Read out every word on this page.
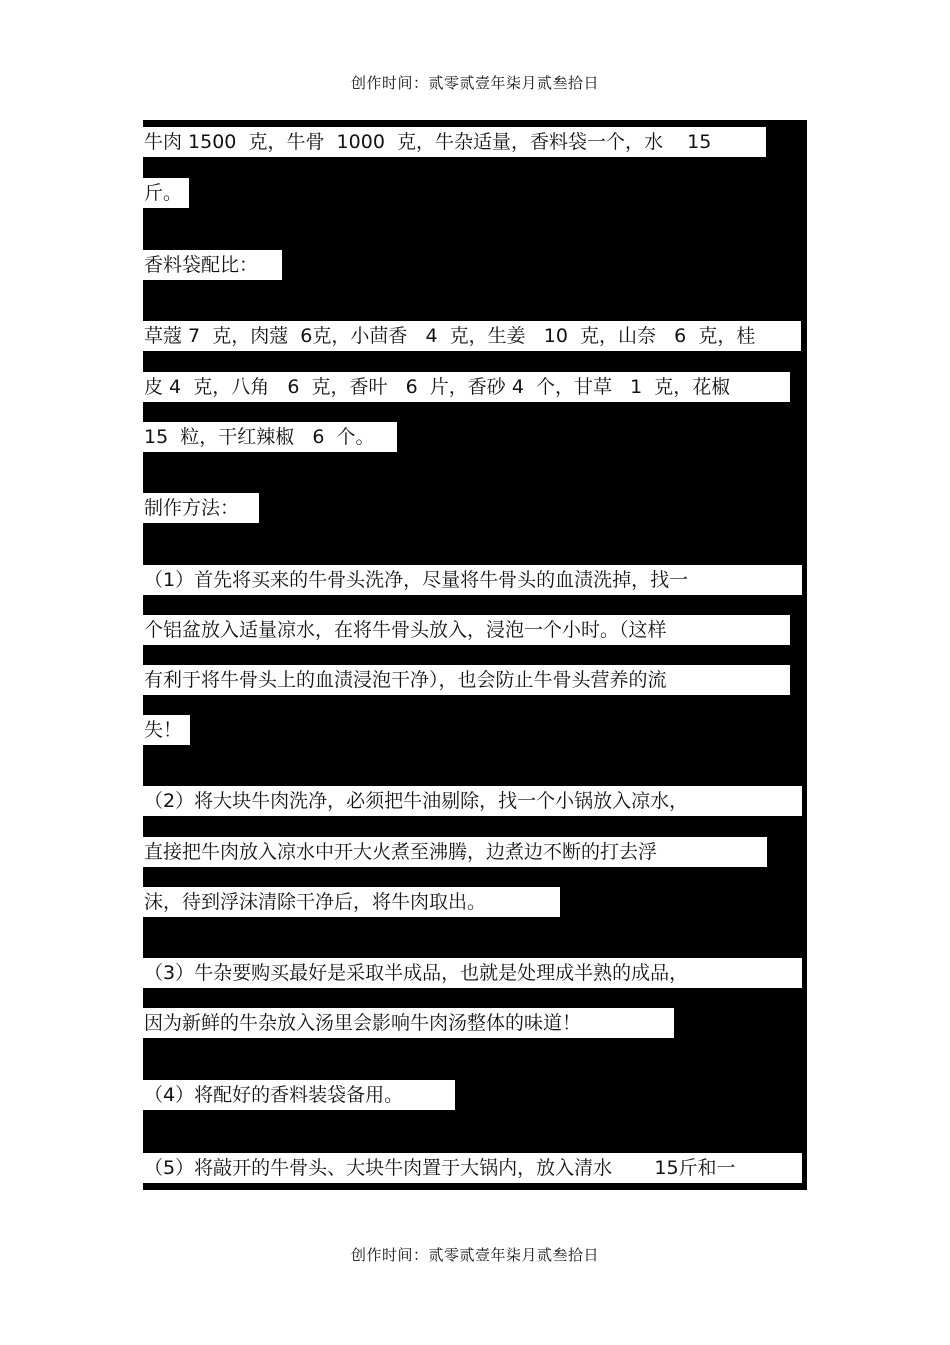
创作时间：贰零贰壹年柒月贰叁拾日
牛肉 1500  克，牛骨  1000  克，牛杂适量，香料袋一个，水    15
斤。
香料袋配比：
草蔻 7  克，肉蔻  6克，小茴香   4  克，生姜   10  克，山奈   6  克，桂
皮 4  克，八角   6  克，香叶   6  片，香砂 4  个，甘草   1  克，花椒
15  粒，干红辣椒   6  个。
制作方法：
（1）首先将买来的牛骨头洗净，尽量将牛骨头的血渍洗掉，找一
个铝盆放入适量凉水，在将牛骨头放入，浸泡一个小时。（这样
有利于将牛骨头上的血渍浸泡干净），也会防止牛骨头营养的流
失！
（2）将大块牛肉洗净，必须把牛油剔除，找一个小锅放入凉水，
直接把牛肉放入凉水中开大火煮至沸腾，边煮边不断的打去浮
沫，待到浮沫清除干净后，将牛肉取出。
（3）牛杂要购买最好是采取半成品，也就是处理成半熟的成品，
因为新鲜的牛杂放入汤里会影响牛肉汤整体的味道！
（4）将配好的香料装袋备用。
（5）将敲开的牛骨头、大块牛肉置于大锅内，放入清水       15斤和一
创作时间：贰零贰壹年柒月贰叁拾日
